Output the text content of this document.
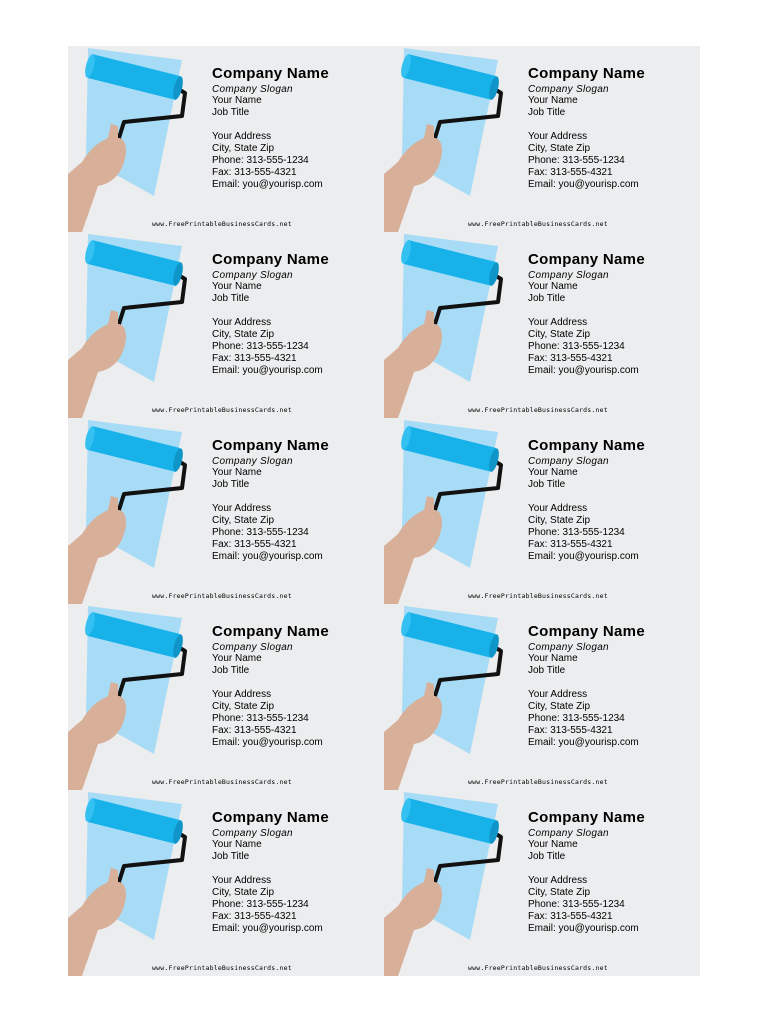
Company Name
Company Slogan
Your Name
Job Title
Your Address
City, State Zip
Phone: 313-555-1234
Fax: 313-555-4321
Email: you@yourisp.com
www.FreePrintableBusinessCards.net
Company Name
Company Slogan
Your Name
Job Title
Your Address
City, State Zip
Phone: 313-555-1234
Fax: 313-555-4321
Email: you@yourisp.com
www.FreePrintableBusinessCards.net
Company Name
Company Slogan
Your Name
Job Title
Your Address
City, State Zip
Phone: 313-555-1234
Fax: 313-555-4321
Email: you@yourisp.com
www.FreePrintableBusinessCards.net
Company Name
Company Slogan
Your Name
Job Title
Your Address
City, State Zip
Phone: 313-555-1234
Fax: 313-555-4321
Email: you@yourisp.com
www.FreePrintableBusinessCards.net
Company Name
Company Slogan
Your Name
Job Title
Your Address
City, State Zip
Phone: 313-555-1234
Fax: 313-555-4321
Email: you@yourisp.com
www.FreePrintableBusinessCards.net
Company Name
Company Slogan
Your Name
Job Title
Your Address
City, State Zip
Phone: 313-555-1234
Fax: 313-555-4321
Email: you@yourisp.com
www.FreePrintableBusinessCards.net
Company Name
Company Slogan
Your Name
Job Title
Your Address
City, State Zip
Phone: 313-555-1234
Fax: 313-555-4321
Email: you@yourisp.com
www.FreePrintableBusinessCards.net
Company Name
Company Slogan
Your Name
Job Title
Your Address
City, State Zip
Phone: 313-555-1234
Fax: 313-555-4321
Email: you@yourisp.com
www.FreePrintableBusinessCards.net
Company Name
Company Slogan
Your Name
Job Title
Your Address
City, State Zip
Phone: 313-555-1234
Fax: 313-555-4321
Email: you@yourisp.com
www.FreePrintableBusinessCards.net
Company Name
Company Slogan
Your Name
Job Title
Your Address
City, State Zip
Phone: 313-555-1234
Fax: 313-555-4321
Email: you@yourisp.com
www.FreePrintableBusinessCards.net
